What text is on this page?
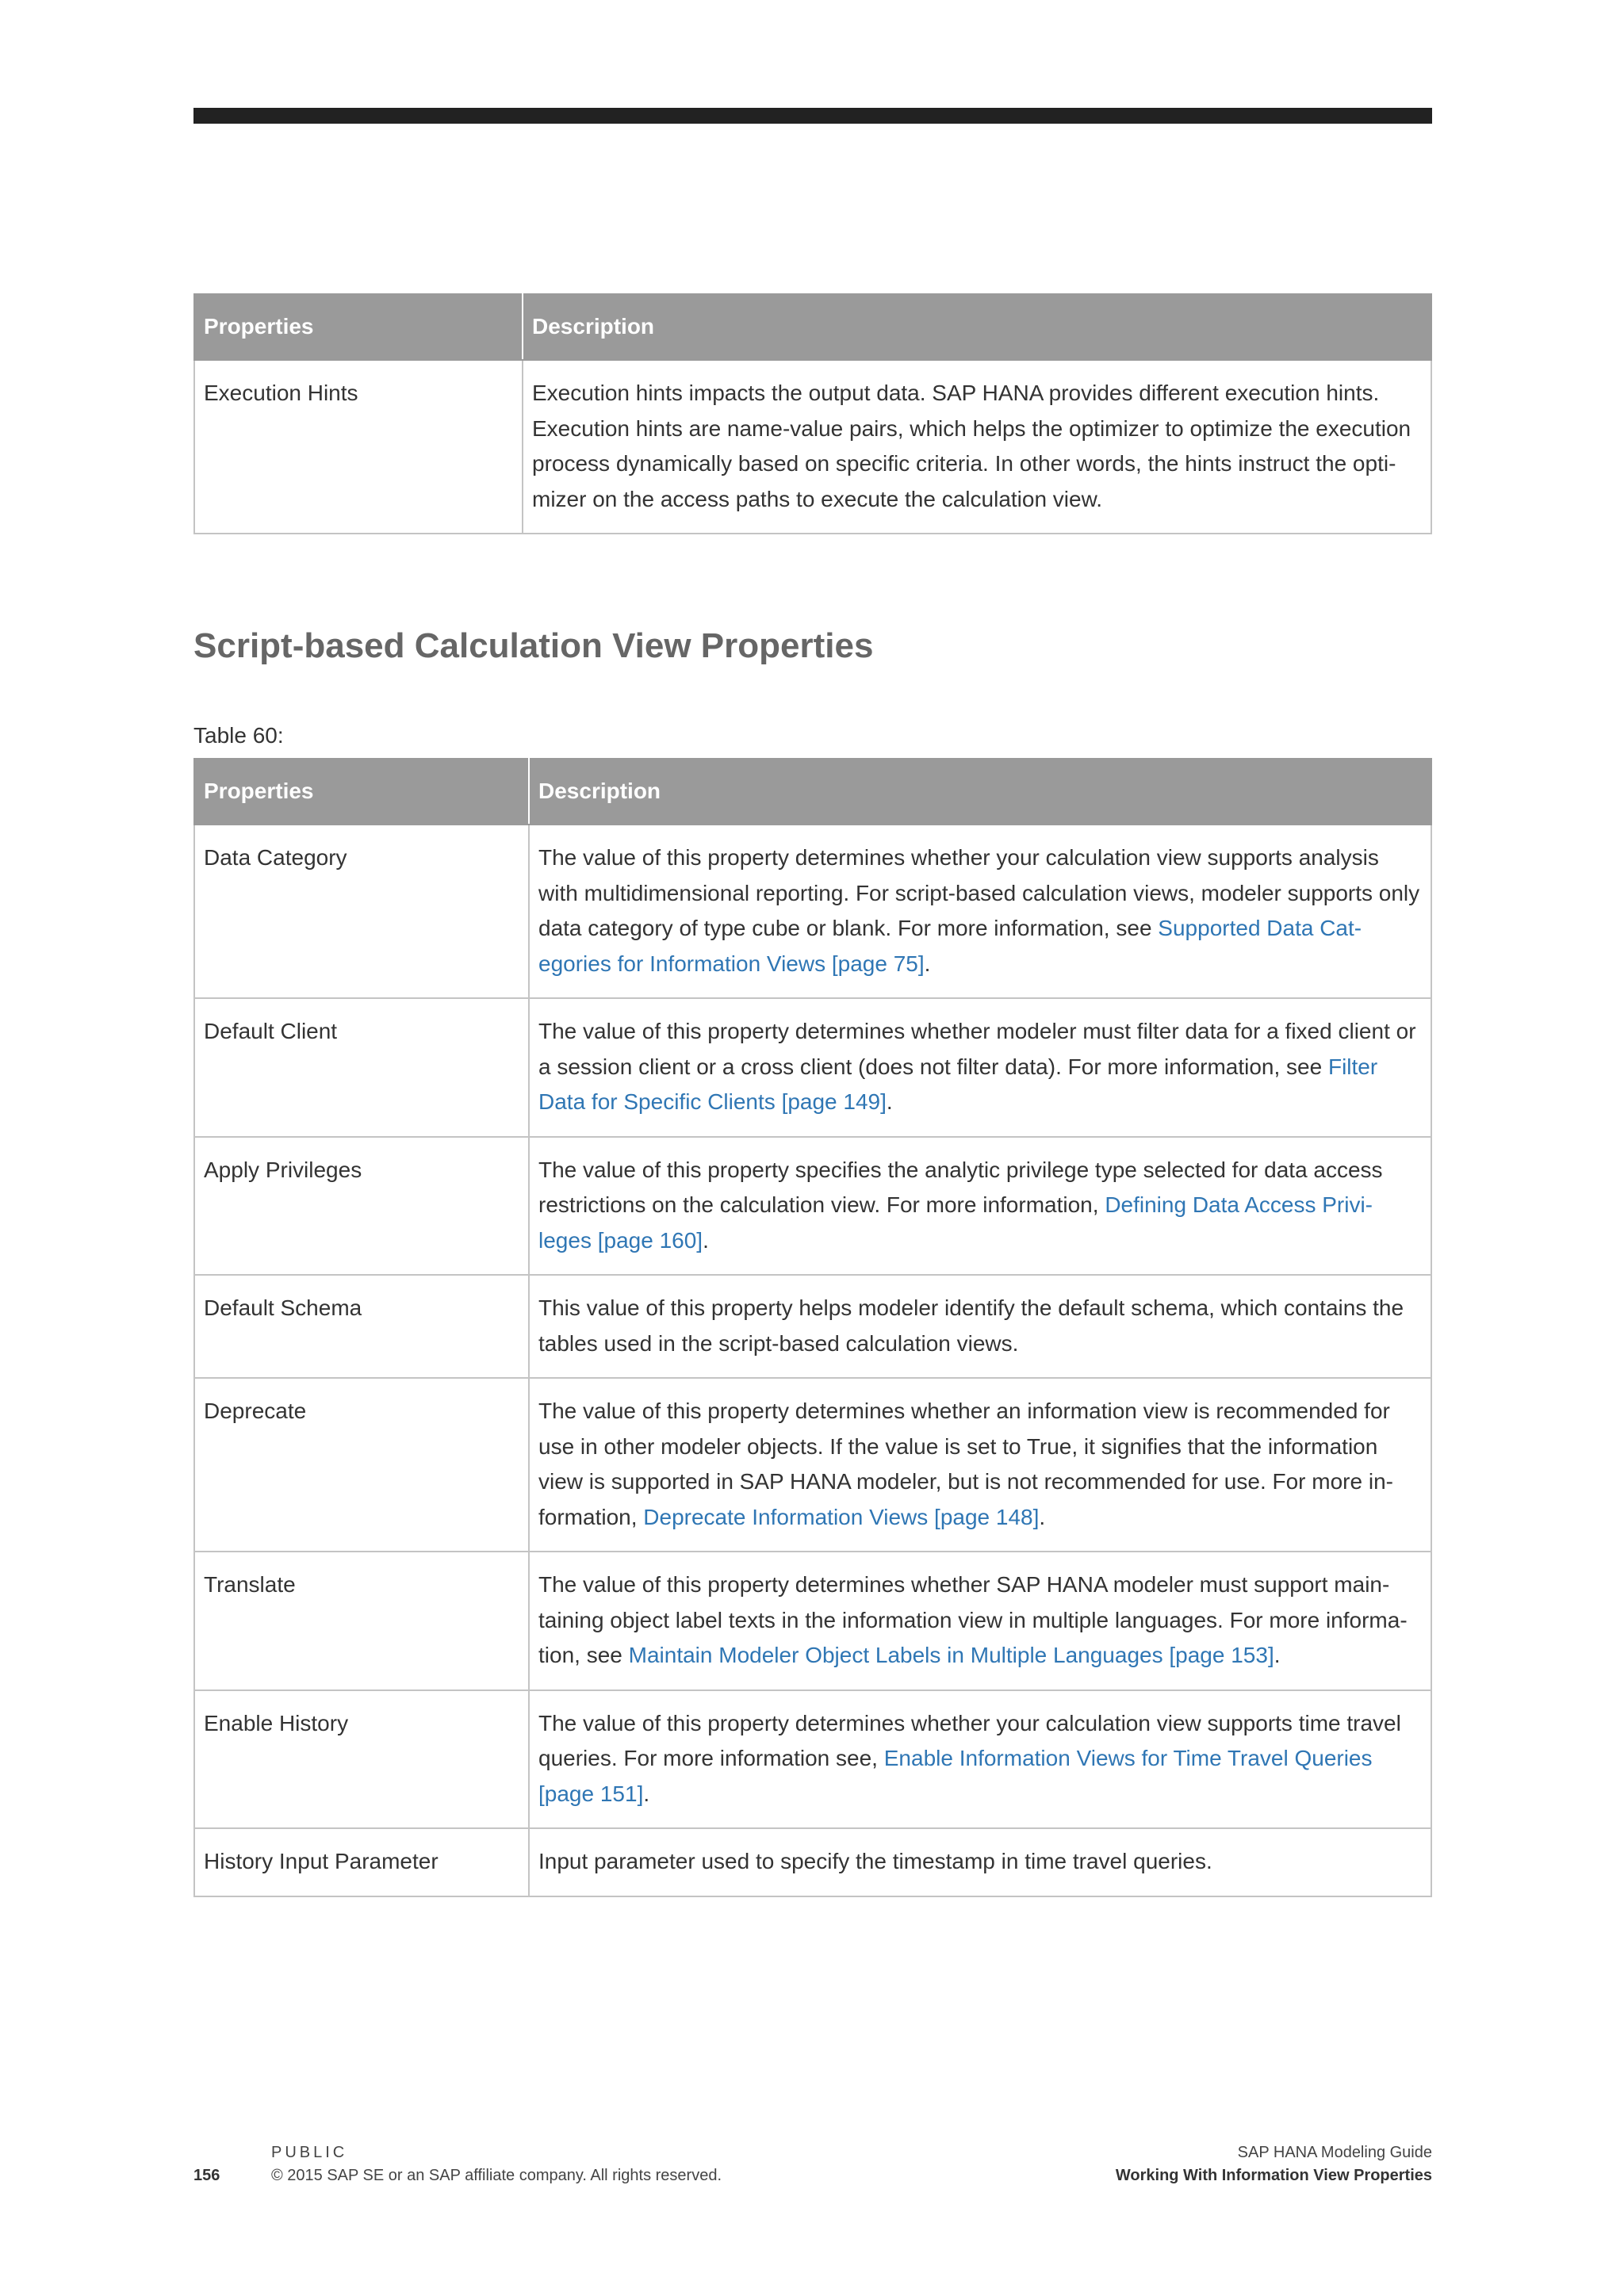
Properties	Description
Execution Hints	Execution hints impacts the output data. SAP HANA provides different execution hints. Execution hints are name-value pairs, which helps the optimizer to optimize the execution process dynamically based on specific criteria. In other words, the hints instruct the opti-mizer on the access paths to execute the calculation view.
Script-based Calculation View Properties
Table 60:
Properties	Description
Data Category	The value of this property determines whether your calculation view supports analysis with multidimensional reporting. For script-based calculation views, modeler supports only data category of type cube or blank. For more information, see Supported Data Cat-egories for Information Views [page 75].
Default Client	The value of this property determines whether modeler must filter data for a fixed client or a session client or a cross client (does not filter data). For more information, see Filter Data for Specific Clients [page 149].
Apply Privileges	The value of this property specifies the analytic privilege type selected for data access restrictions on the calculation view. For more information, Defining Data Access Privi-leges [page 160].
Default Schema	This value of this property helps modeler identify the default schema, which contains the tables used in the script-based calculation views.
Deprecate	The value of this property determines whether an information view is recommended for use in other modeler objects. If the value is set to True, it signifies that the information view is supported in SAP HANA modeler, but is not recommended for use. For more in-formation, Deprecate Information Views [page 148].
Translate	The value of this property determines whether SAP HANA modeler must support main-taining object label texts in the information view in multiple languages. For more informa-tion, see Maintain Modeler Object Labels in Multiple Languages [page 153].
Enable History	The value of this property determines whether your calculation view supports time travel queries. For more information see, Enable Information Views for Time Travel Queries [page 151].
History Input Parameter	Input parameter used to specify the timestamp in time travel queries.
PUBLIC
156	© 2015 SAP SE or an SAP affiliate company. All rights reserved.
SAP HANA Modeling Guide
Working With Information View Properties
